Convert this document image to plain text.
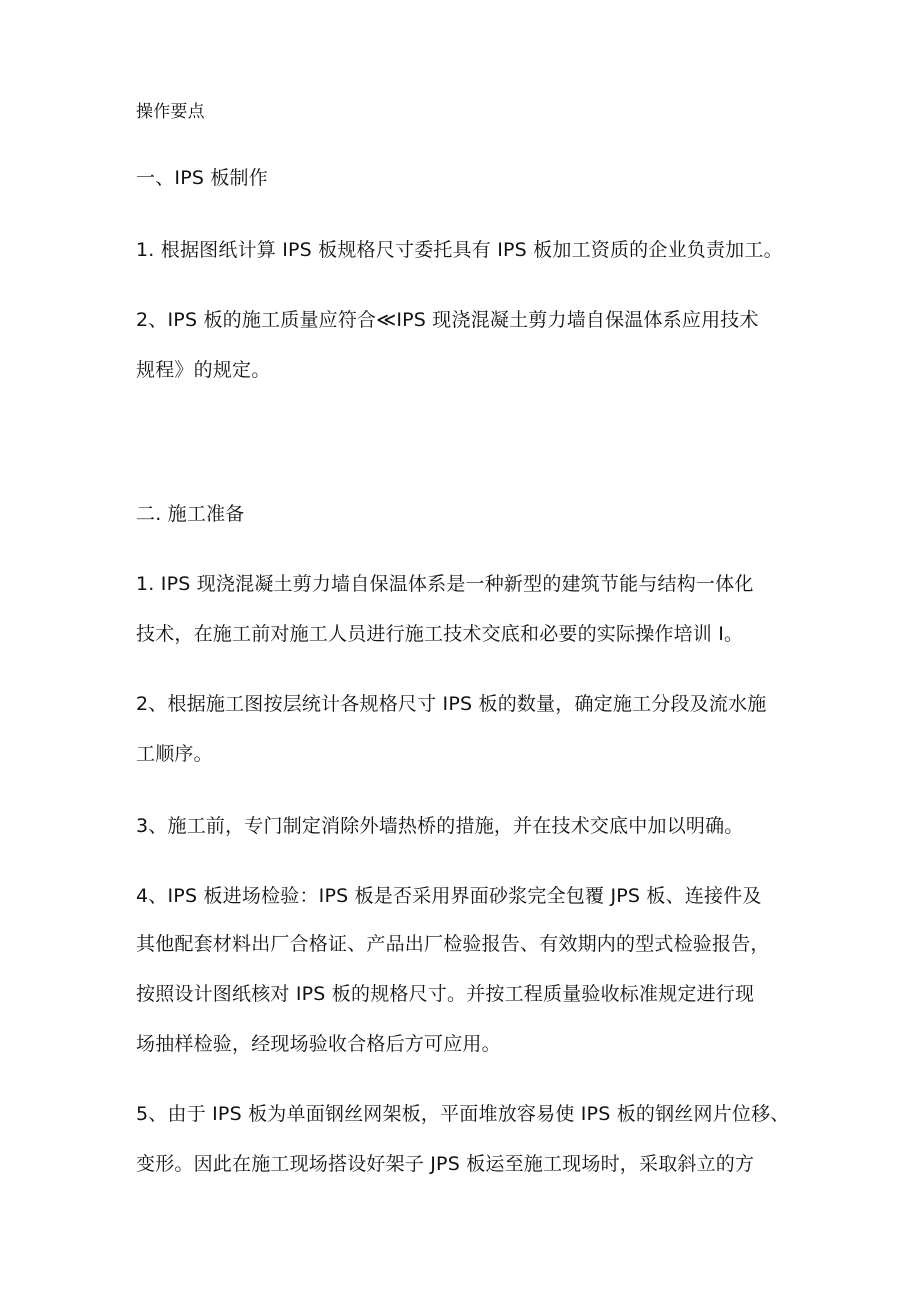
操作要点
一、IPS 板制作
1. 根据图纸计算 IPS 板规格尺寸委托具有 IPS 板加工资质的企业负责加工。
2、IPS 板的施工质量应符合≪IPS 现浇混凝土剪力墙自保温体系应用技术
规程》的规定。
二. 施工准备
1. IPS 现浇混凝土剪力墙自保温体系是一种新型的建筑节能与结构一体化
技术，在施工前对施工人员进行施工技术交底和必要的实际操作培训 I。
2、根据施工图按层统计各规格尺寸 IPS 板的数量，确定施工分段及流水施
工顺序。
3、施工前，专门制定消除外墙热桥的措施，并在技术交底中加以明确。
4、IPS 板进场检验：IPS 板是否采用界面砂浆完全包覆 JPS 板、连接件及
其他配套材料出厂合格证、产品出厂检验报告、有效期内的型式检验报告，
按照设计图纸核对 IPS 板的规格尺寸。并按工程质量验收标准规定进行现
场抽样检验，经现场验收合格后方可应用。
5、由于 IPS 板为单面钢丝网架板，平面堆放容易使 IPS 板的钢丝网片位移、
变形。因此在施工现场搭设好架子 JPS 板运至施工现场时，采取斜立的方
